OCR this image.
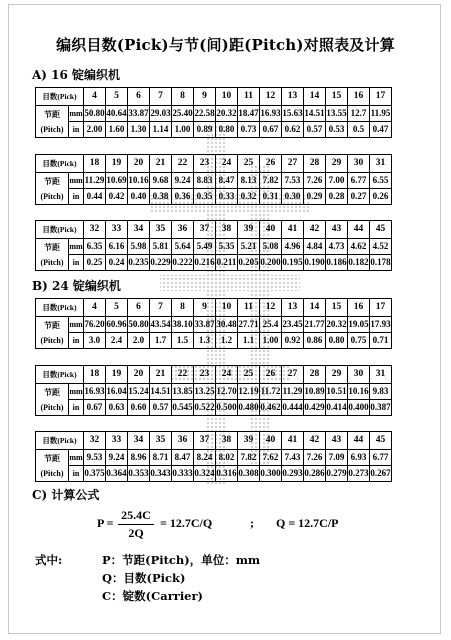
编织目数(Pick)与节(间)距(Pitch)对照表及计算
A) 16 锭编织机
B) 24 锭编织机
C) 计算公式
目数(Pick)		4	5	6	7	8	9	10	11	12	13	14	15	16	17
节距
(Pitch)	mm	50.80	40.64	33.87	29.03	25.40	22.58	20.32	18.47	16.93	15.63	14.51	13.55	12.7	11.95
	in	2.00	1.60	1.30	1.14	1.00	0.89	0.80	0.73	0.67	0.62	0.57	0.53	0.5	0.47
目数(Pick)		18	19	20	21	22	23	24	25	26	27	28	29	30	31
节距
(Pitch)	mm	11.29	10.69	10.16	9.68	9.24	8.83	8.47	8.13	7.82	7.53	7.26	7.00	6.77	6.55
	in	0.44	0.42	0.40	0.38	0.36	0.35	0.33	0.32	0.31	0.30	0.29	0.28	0.27	0.26
目数(Pick)		32	33	34	35	36	37	38	39	40	41	42	43	44	45
节距
(Pitch)	mm	6.35	6.16	5.98	5.81	5.64	5.49	5.35	5.21	5.08	4.96	4.84	4.73	4.62	4.52
	in	0.25	0.24	0.235	0.229	0.222	0.216	0.211	0.205	0.200	0.195	0.190	0.186	0.182	0.178
目数(Pick)		4	5	6	7	8	9	10	11	12	13	14	15	16	17
节距
(Pitch)	mm	76.20	60.96	50.80	43.54	38.10	33.87	30.48	27.71	25.4	23.45	21.77	20.32	19.05	17.93
	in	3.0	2.4	2.0	1.7	1.5	1.3	1.2	1.1	1.00	0.92	0.86	0.80	0.75	0.71
目数(Pick)		18	19	20	21	22	23	24	25	26	27	28	29	30	31
节距
(Pitch)	mm	16.93	16.04	15.24	14.51	13.85	13.25	12.70	12.19	11.72	11.29	10.89	10.51	10.16	9.83
	in	0.67	0.63	0.60	0.57	0.545	0.522	0.500	0.480	0.462	0.444	0.429	0.414	0.400	0.387
目数(Pick)		32	33	34	35	36	37	38	39	40	41	42	43	44	45
节距
(Pitch)	mm	9.53	9.24	8.96	8.71	8.47	8.24	8.02	7.82	7.62	7.43	7.26	7.09	6.93	6.77
	in	0.375	0.364	0.353	0.343	0.333	0.324	0.316	0.308	0.300	0.293	0.286	0.279	0.273	0.267
$P = \frac{25.4C}{2Q} = 12.7C/Q$	; Q = 12.7C/P
式中:	P：节距(Pitch)，单位：mm
Q：目数(Pick)
C：锭数(Carrier)
